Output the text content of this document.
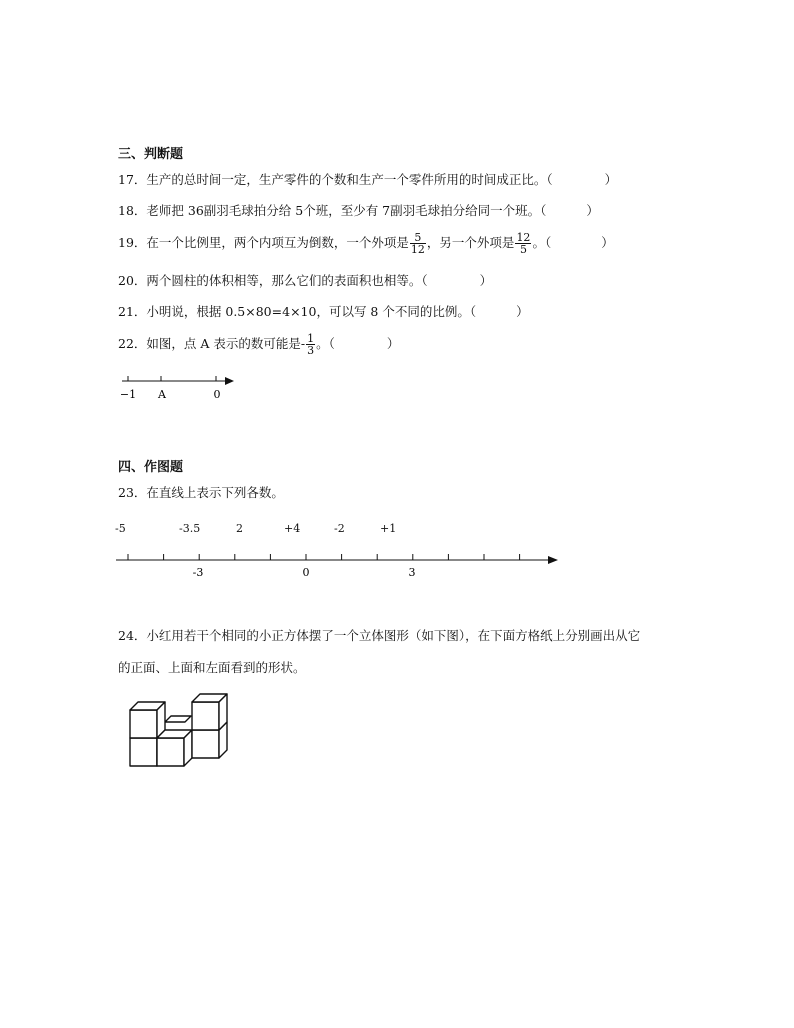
三、判断题
17．生产的总时间一定，生产零件的个数和生产一个零件所用的时间成正比。（	）
18．老师把 36副羽毛球拍分给 5个班，至少有 7副羽毛球拍分给同一个班。（	）
19．在一个比例里，两个内项互为倒数，一个外项是 $\frac{5}{12}$ ，另一个外项是 $\frac{12}{5}$ 。（	）
20．两个圆柱的体积相等，那么它们的表面积也相等。（	）
21．小明说，根据 0.5×80=4×10，可以写 8 个不同的比例。（	）
22．如图，点 A 表示的数可能是- $\frac{1}{3}$ 。（	）
−1 A	0
四、作图题
23．在直线上表示下列各数。
-5	-3.5	2	+4	-2	+1
-3	0	3
24．小红用若干个相同的小正方体摆了一个立体图形（如下图），在下面方格纸上分别画出从它
的正面、上面和左面看到的形状。
